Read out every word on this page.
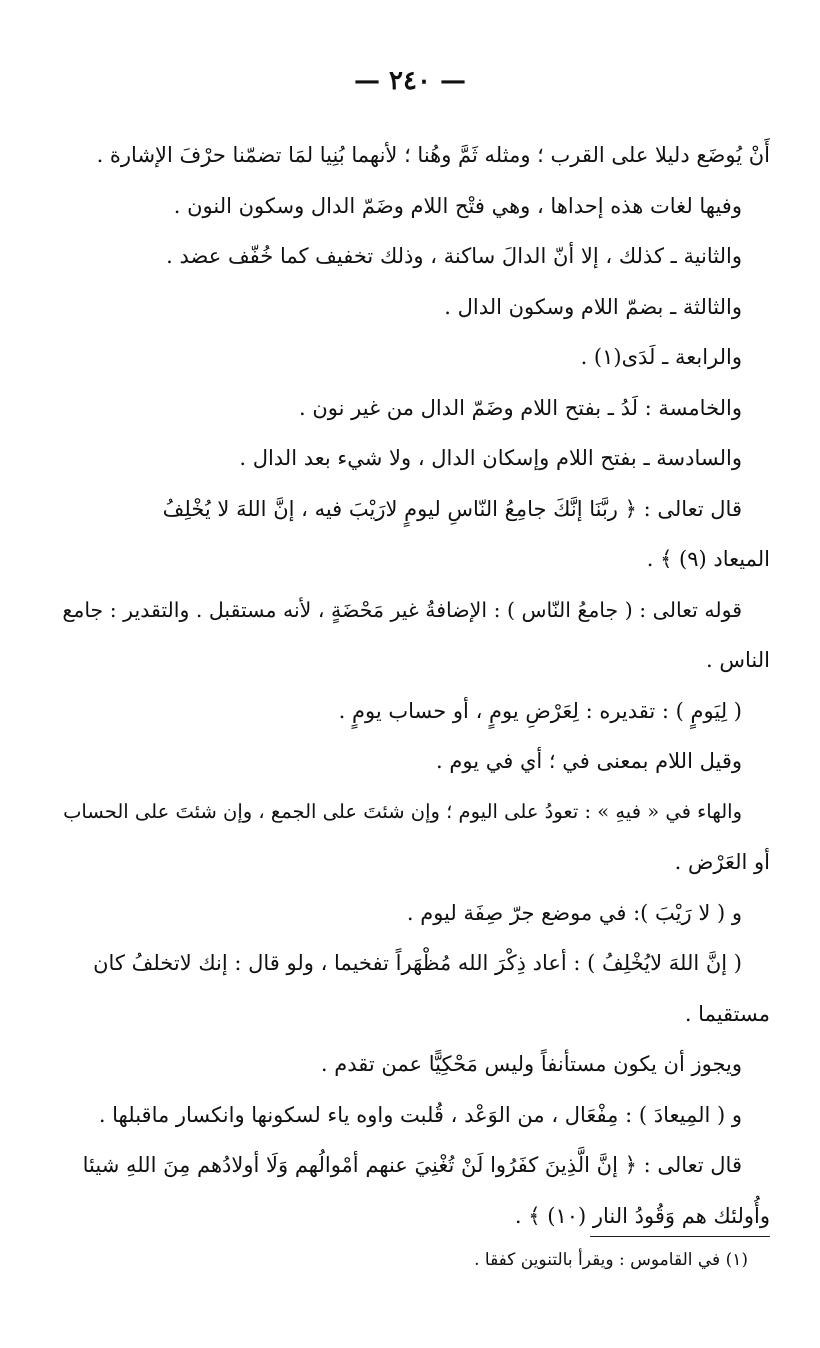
— ٢٤٠ —
أَنْ يُوضَع دليلا على القرب ؛ ومثله ثَمَّ وهُنا ؛ لأنهما بُنِيا لمَا تضمّنا حرْفَ الإشارة .
وفيها لغات هذه إحداها ، وهي فتْح اللام وضَمّ الدال وسكون النون .
والثانية ـ كذلك ، إلا أنّ الدالَ ساكنة ، وذلك تخفيف كما خُفّف عضد .
والثالثة ـ بضمّ اللام وسكون الدال .
والرابعة ـ لَدَى(١) .
والخامسة : لَدُ ـ بفتح اللام وضَمّ الدال من غير نون .
والسادسة ـ بفتح اللام وإسكان الدال ، ولا شيء بعد الدال .
قال تعالى : ﴿ ربَّنَا إنَّكَ جامِعُ النّاسِ ليومٍ لارَيْبَ فيه ، إنَّ اللهَ لا يُخْلِفُ
الميعاد (٩) ﴾ .
قوله تعالى : ( جامعُ النّاس ) : الإضافةُ غير مَحْضَةٍ ، لأنه مستقبل . والتقدير : جامع
الناس .
( لِيَومٍ ) : تقديره : لِعَرْضِ يومٍ ، أو حساب يومٍ .
وقيل اللام بمعنى في ؛ أي في يوم .
والهاء في « فيهِ » : تعودُ على اليوم ؛ وإن شئتَ على الجمع ، وإن شئتَ على الحساب
أو العَرْض .
و ( لا رَيْبَ ): في موضع جرّ صِفَة ليوم .
( إنَّ اللهَ لايُخْلِفُ ) : أعاد ذِكْرَ الله مُظْهَراً تفخيما ، ولو قال : إنك لاتخلفُ كان
مستقيما .
ويجوز أن يكون مستأنفاً وليس مَحْكِيًّا عمن تقدم .
و ( المِيعادَ ) : مِفْعَال ، من الوَعْد ، قُلبت واوه ياء لسكونها وانكسار ماقبلها .
قال تعالى : ﴿ إنَّ الَّذِينَ كفَرُوا لَنْ تُغْنِيَ عنهم أمْوالُهم وَلَا أولادُهم مِنَ اللهِ شيئا
وأُولئك هم وَقُودُ النار (١٠) ﴾ .
(١) في القاموس : ويقرأ بالتنوين كفقا .
